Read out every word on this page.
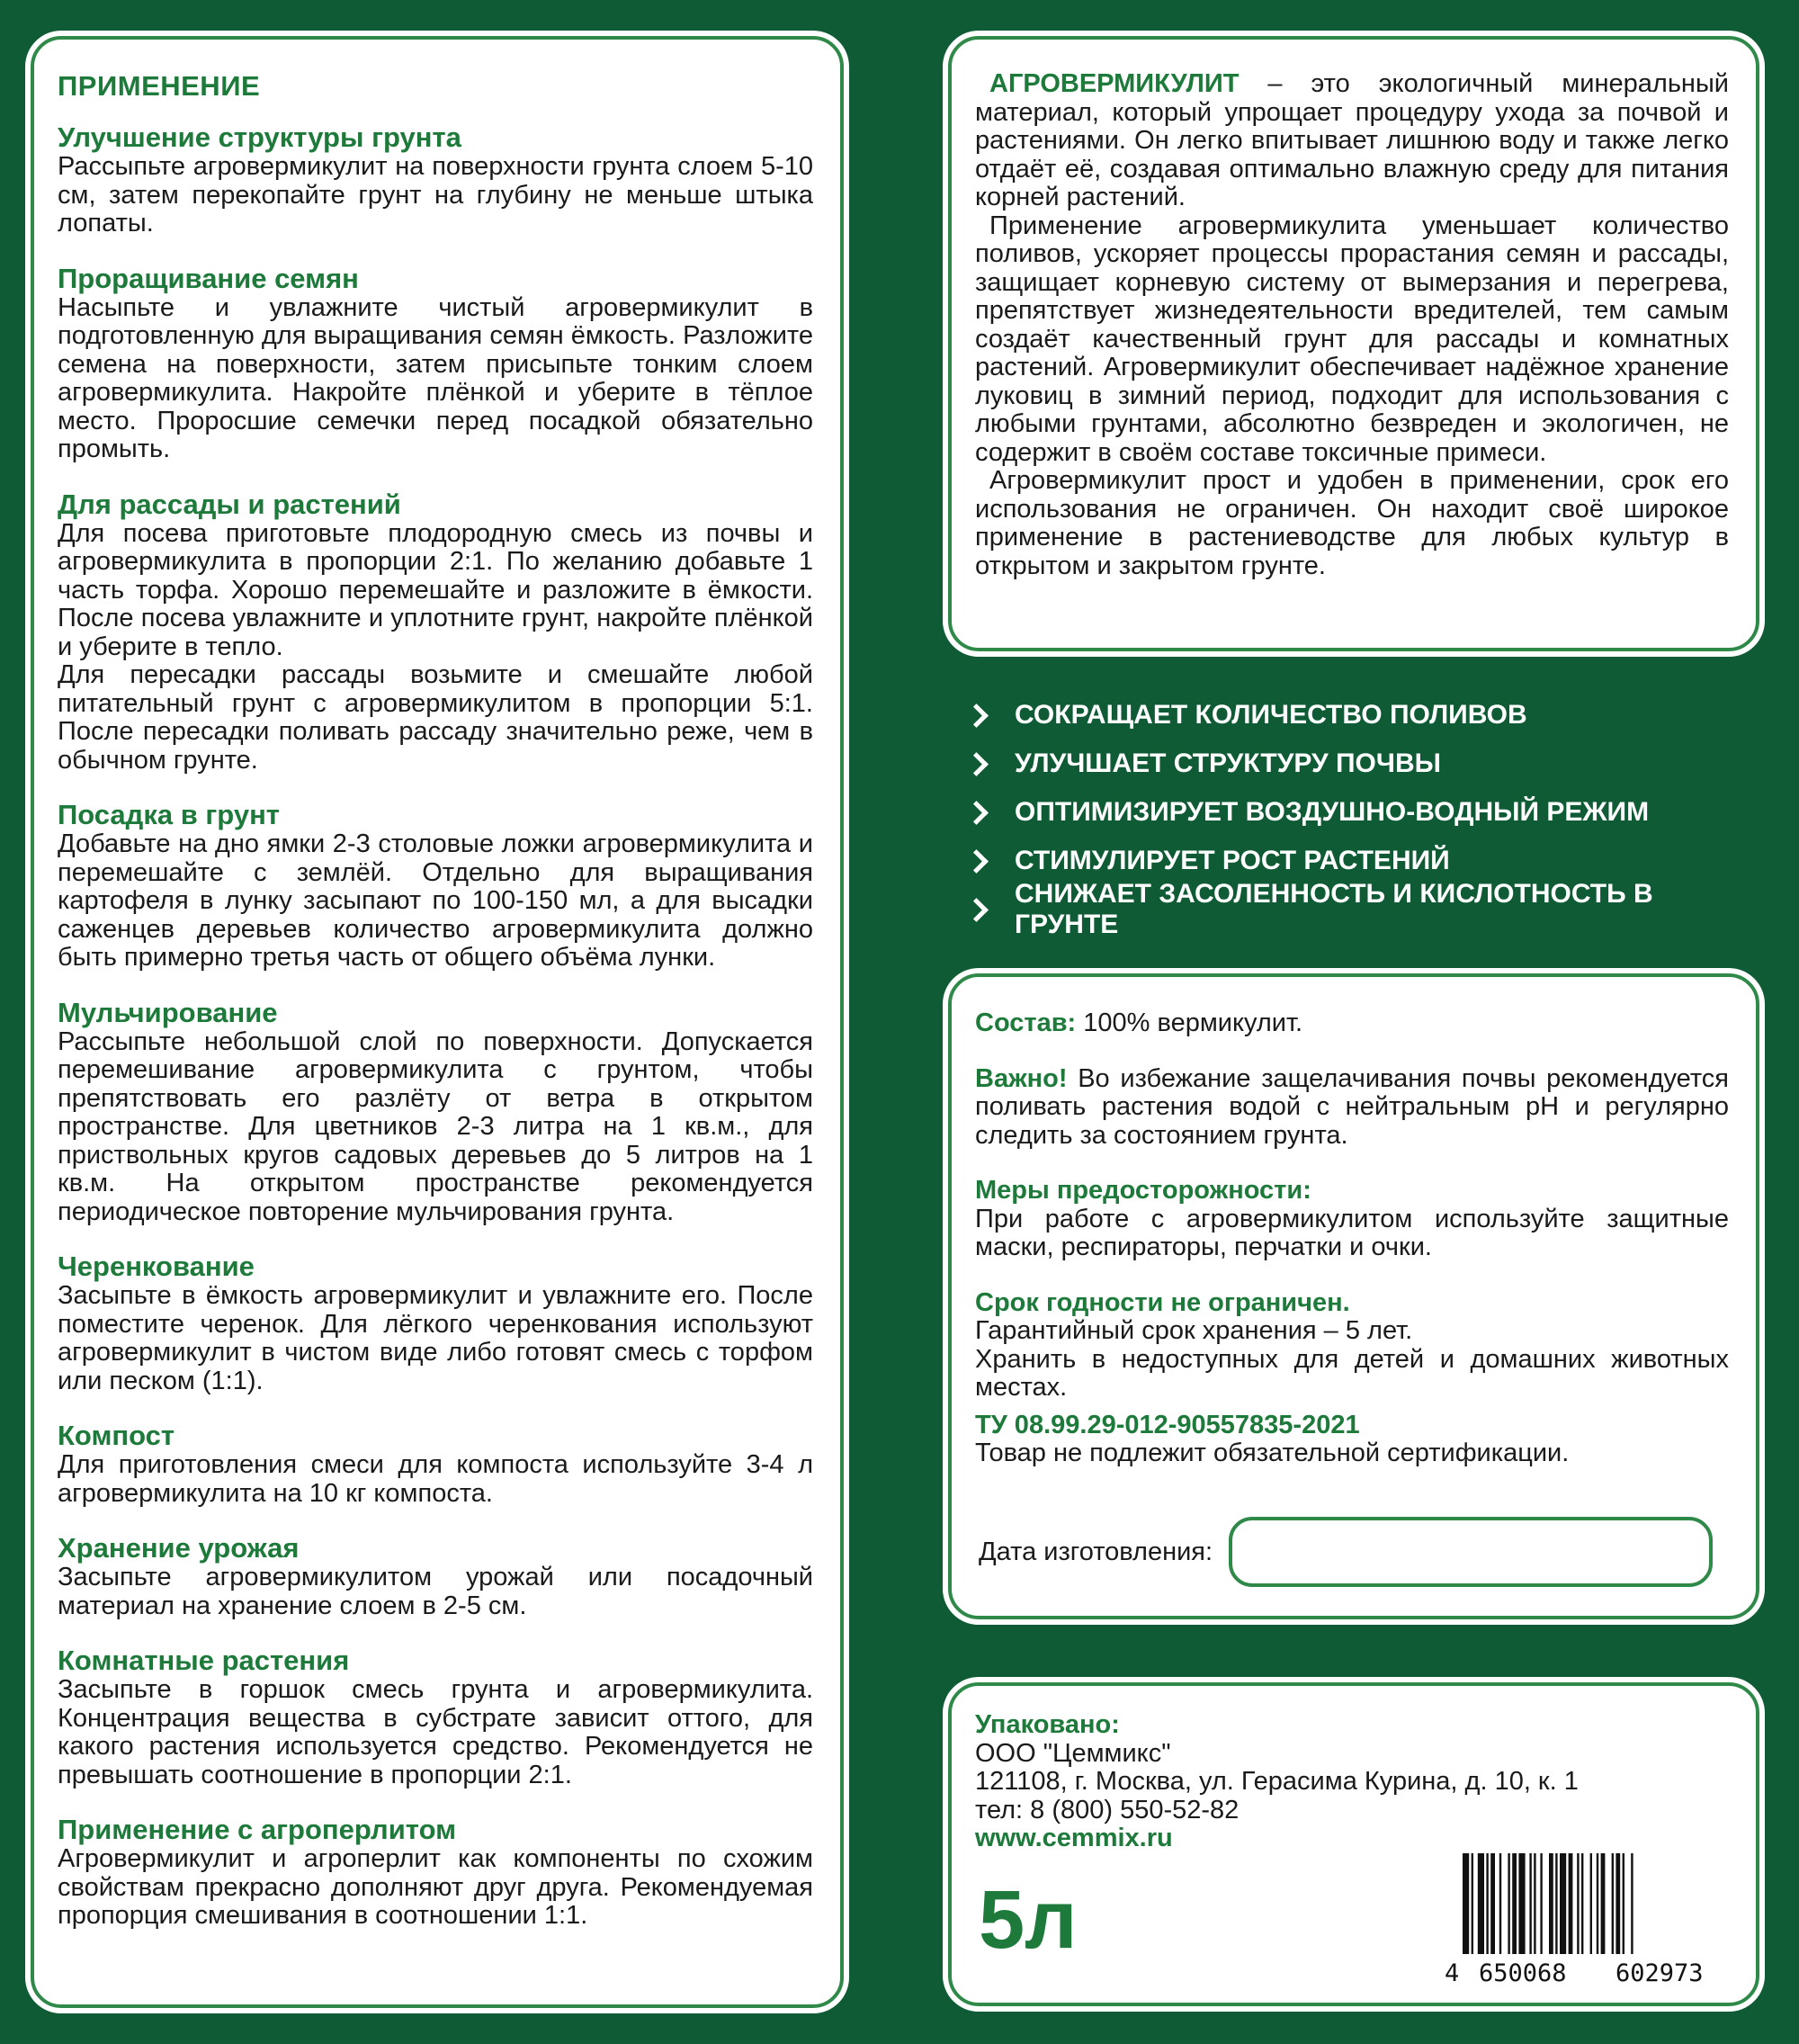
ПРИМЕНЕНИЕ
Улучшение структуры грунта

Рассыпьте агровермикулит на поверхности грунта слоем 5-10 см, затем перекопайте грунт на глубину не меньше штыка лопаты.

Проращивание семян

Насыпьте и увлажните чистый агровермикулит в подготовленную для выращивания семян ёмкость. Разложите семена на поверхности, затем присыпьте тонким слоем агровермикулита. Накройте плёнкой и уберите в тёплое место. Проросшие семечки перед посадкой обязательно промыть.

Для рассады и растений

Для посева приготовьте плодородную смесь из почвы и агровермикулита в пропорции 2:1. По желанию добавьте 1 часть торфа. Хорошо перемешайте и разложите в ёмкости. После посева увлажните и уплотните грунт, накройте плёнкой и уберите в тепло.

Для пересадки рассады возьмите и смешайте любой питательный грунт с агровермикулитом в пропорции 5:1. После пересадки поливать рассаду значительно реже, чем в обычном грунте.

Посадка в грунт

Добавьте на дно ямки 2-3 столовые ложки агровермикулита и перемешайте с землёй. Отдельно для выращивания картофеля в лунку засыпают по 100-150 мл, а для высадки саженцев деревьев количество агровермикулита должно быть примерно третья часть от общего объёма лунки.

Мульчирование

Рассыпьте небольшой слой по поверхности. Допускается перемешивание агровермикулита с грунтом, чтобы препятствовать его разлёту от ветра в открытом пространстве. Для цветников 2-3 литра на 1 кв.м., для приствольных кругов садовых деревьев до 5 литров на 1 кв.м. На открытом пространстве рекомендуется периодическое повторение мульчирования грунта.

Черенкование

Засыпьте в ёмкость агровермикулит и увлажните его. После поместите черенок. Для лёгкого черенкования используют агровермикулит в чистом виде либо готовят смесь с торфом или песком (1:1).

Компост

Для приготовления смеси для компоста используйте 3-4 л агровермикулита на 10 кг компоста.

Хранение урожая

Засыпьте агровермикулитом урожай или посадочный материал на хранение слоем в 2-5 см.

Комнатные растения

Засыпьте в горшок смесь грунта и агровермикулита. Концентрация вещества в субстрате зависит оттого, для какого растения используется средство. Рекомендуется не превышать соотношение в пропорции 2:1.

Применение с агроперлитом

Агровермикулит и агроперлит как компоненты по схожим свойствам прекрасно дополняют друг друга. Рекомендуемая пропорция смешивания в соотношении 1:1.

АГРОВЕРМИКУЛИТ – это экологичный минеральный материал, который упрощает процедуру ухода за почвой и растениями. Он легко впитывает лишнюю воду и также легко отдаёт её, создавая оптимально влажную среду для питания корней растений.

Применение агровермикулита уменьшает количество поливов, ускоряет процессы прорастания семян и рассады, защищает корневую систему от вымерзания и перегрева, препятствует жизнедеятельности вредителей, тем самым создаёт качественный грунт для рассады и комнатных растений. Агровермикулит обеспечивает надёжное хранение луковиц в зимний период, подходит для использования с любыми грунтами, абсолютно безвреден и экологичен, не содержит в своём составе токсичные примеси.

Агровермикулит прост и удобен в применении, срок его использования не ограничен. Он находит своё широкое применение в растениеводстве для любых культур в открытом и закрытом грунте.

СОКРАЩАЕТ КОЛИЧЕСТВО ПОЛИВОВ
УЛУЧШАЕТ СТРУКТУРУ ПОЧВЫ
ОПТИМИЗИРУЕТ ВОЗДУШНО-ВОДНЫЙ РЕЖИМ
СТИМУЛИРУЕТ РОСТ РАСТЕНИЙ
СНИЖАЕТ ЗАСОЛЕННОСТЬ И КИСЛОТНОСТЬ В ГРУНТЕ

Состав: 100% вермикулит.

Важно! Во избежание защелачивания почвы рекомендуется поливать растения водой с нейтральным pH и регулярно следить за состоянием грунта.

Меры предосторожности:

При работе с агровермикулитом используйте защитные маски, респираторы, перчатки и очки.

Срок годности не ограничен.

Гарантийный срок хранения – 5 лет.

Хранить в недоступных для детей и домашних животных местах.

ТУ 08.99.29-012-90557835-2021

Товар не подлежит обязательной сертификации.

Дата изготовления:

Упаковано:

ООО "Цеммикс"

121108, г. Москва, ул. Герасима Курина, д. 10, к. 1

тел: 8 (800) 550-52-82

www.cemmix.ru

5л
4 650068 602973
